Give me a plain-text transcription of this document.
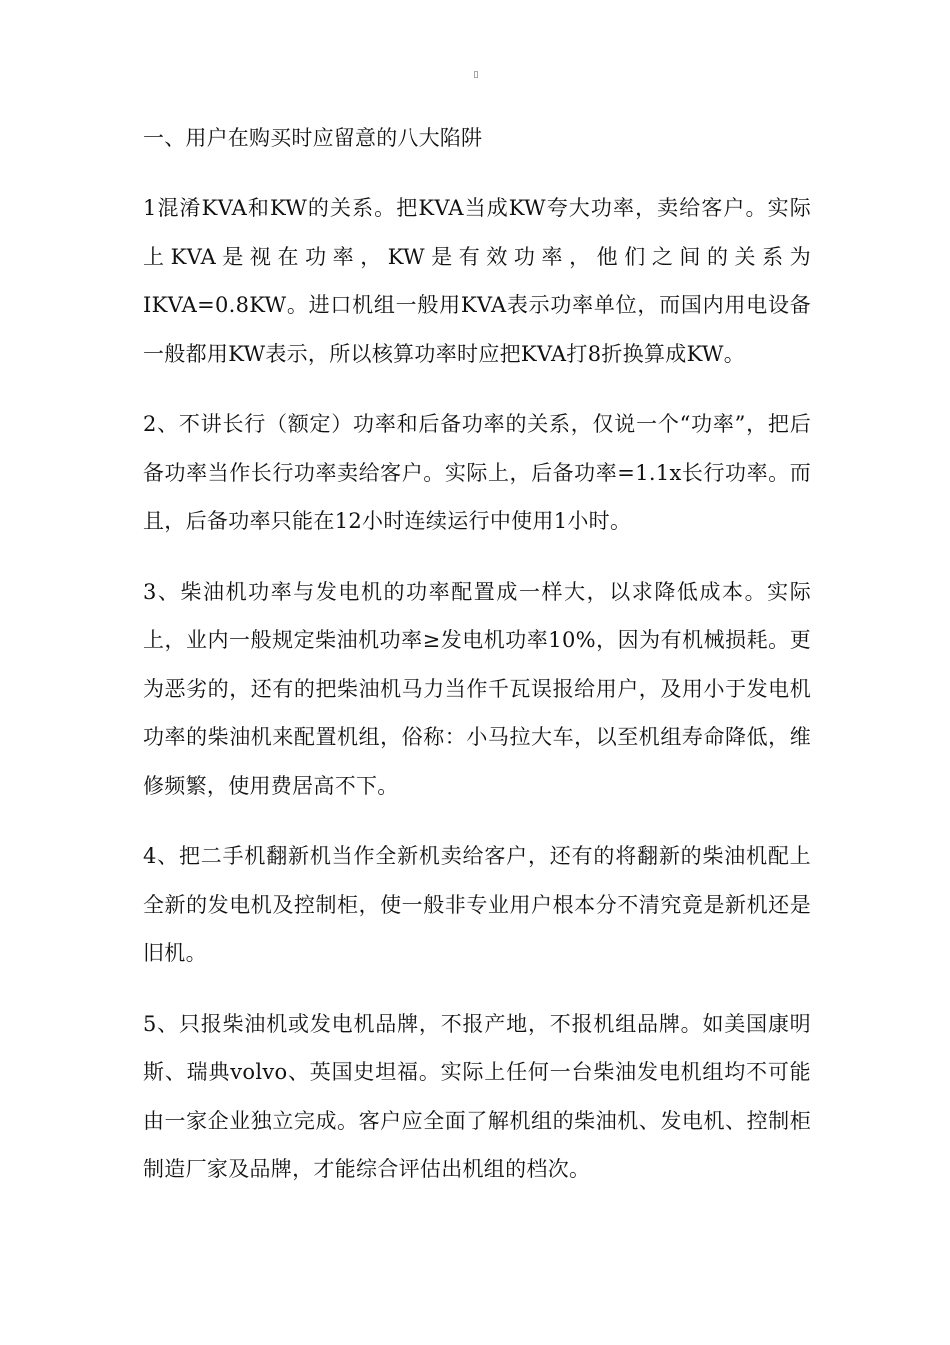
▯
一、用户在购买时应留意的八大陷阱

1混淆KVA和KW的关系。把KVA当成KW夸大功率，卖给客户。实际上KVA是视在功率，KW是有效功率，他们之间的关系为IKVA=0.8KW。进口机组一般用KVA表示功率单位，而国内用电设备一般都用KW表示，所以核算功率时应把KVA打8折换算成KW。

2、不讲长行（额定）功率和后备功率的关系，仅说一个“功率”，把后备功率当作长行功率卖给客户。实际上，后备功率=1.1x长行功率。而且，后备功率只能在12小时连续运行中使用1小时。

3、柴油机功率与发电机的功率配置成一样大，以求降低成本。实际上，业内一般规定柴油机功率≥发电机功率10%，因为有机械损耗。更为恶劣的，还有的把柴油机马力当作千瓦误报给用户，及用小于发电机功率的柴油机来配置机组，俗称：小马拉大车，以至机组寿命降低，维修频繁，使用费居高不下。

4、把二手机翻新机当作全新机卖给客户，还有的将翻新的柴油机配上全新的发电机及控制柜，使一般非专业用户根本分不清究竟是新机还是旧机。

5、只报柴油机或发电机品牌，不报产地，不报机组品牌。如美国康明斯、瑞典volvo、英国史坦福。实际上任何一台柴油发电机组均不可能由一家企业独立完成。客户应全面了解机组的柴油机、发电机、控制柜制造厂家及品牌，才能综合评估出机组的档次。
